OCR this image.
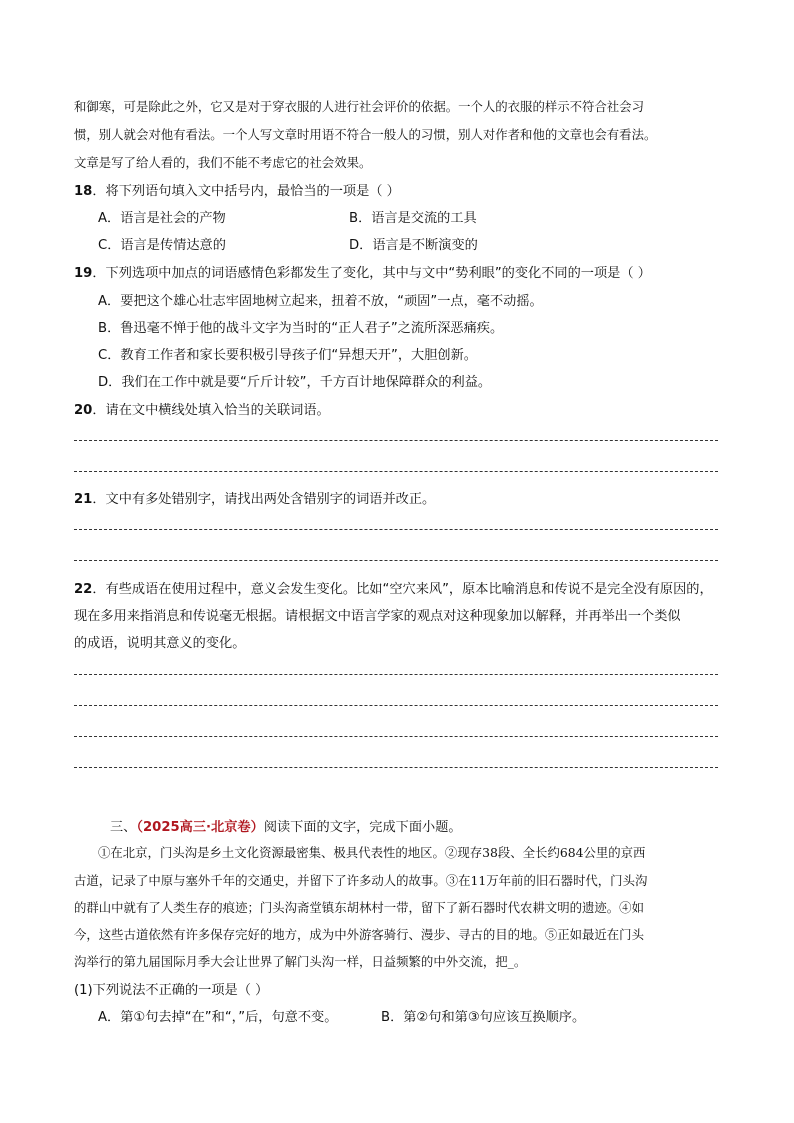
和御寒，可是除此之外，它又是对于穿衣服的人进行社会评价的依据。一个人的衣服的样示不符合社会习
惯，别人就会对他有看法。一个人写文章时用语不符合一般人的习惯，别人对作者和他的文章也会有看法。
文章是写了给人看的，我们不能不考虑它的社会效果。
18．将下列语句填入文中括号内，最恰当的一项是（ ）
A．语言是社会的产物	B．语言是交流的工具
C．语言是传情达意的	D．语言是不断演变的
19．下列选项中加点的词语感情色彩都发生了变化，其中与文中“势利眼”的变化不同的一项是（ ）
A．要把这个雄心壮志牢固地树立起来，扭着不放，“顽固”一点，毫不动摇。
B．鲁迅毫不惮于他的战斗文字为当时的“正人君子”之流所深恶痛疾。
C．教育工作者和家长要积极引导孩子们“异想天开”，大胆创新。
D．我们在工作中就是要“斤斤计较”，千方百计地保障群众的利益。
20．请在文中横线处填入恰当的关联词语。
21．文中有多处错别字，请找出两处含错别字的词语并改正。
22．有些成语在使用过程中，意义会发生变化。比如“空穴来风”，原本比喻消息和传说不是完全没有原因的，
现在多用来指消息和传说毫无根据。请根据文中语言学家的观点对这种现象加以解释，并再举出一个类似
的成语，说明其意义的变化。
三、（2025高三·北京卷）阅读下面的文字，完成下面小题。
①在北京，门头沟是乡土文化资源最密集、极具代表性的地区。②现存38段、全长约684公里的京西
古道，记录了中原与塞外千年的交通史，并留下了许多动人的故事。③在11万年前的旧石器时代，门头沟
的群山中就有了人类生存的痕迹；门头沟斋堂镇东胡林村一带，留下了新石器时代农耕文明的遗迹。④如
今，这些古道依然有许多保存完好的地方，成为中外游客骑行、漫步、寻古的目的地。⑤正如最近在门头
沟举行的第九届国际月季大会让世界了解门头沟一样，日益频繁的中外交流，把_。
(1)下列说法不正确的一项是（ ）
A．第①句去掉“在”和“，”后，句意不变。	B．第②句和第③句应该互换顺序。
